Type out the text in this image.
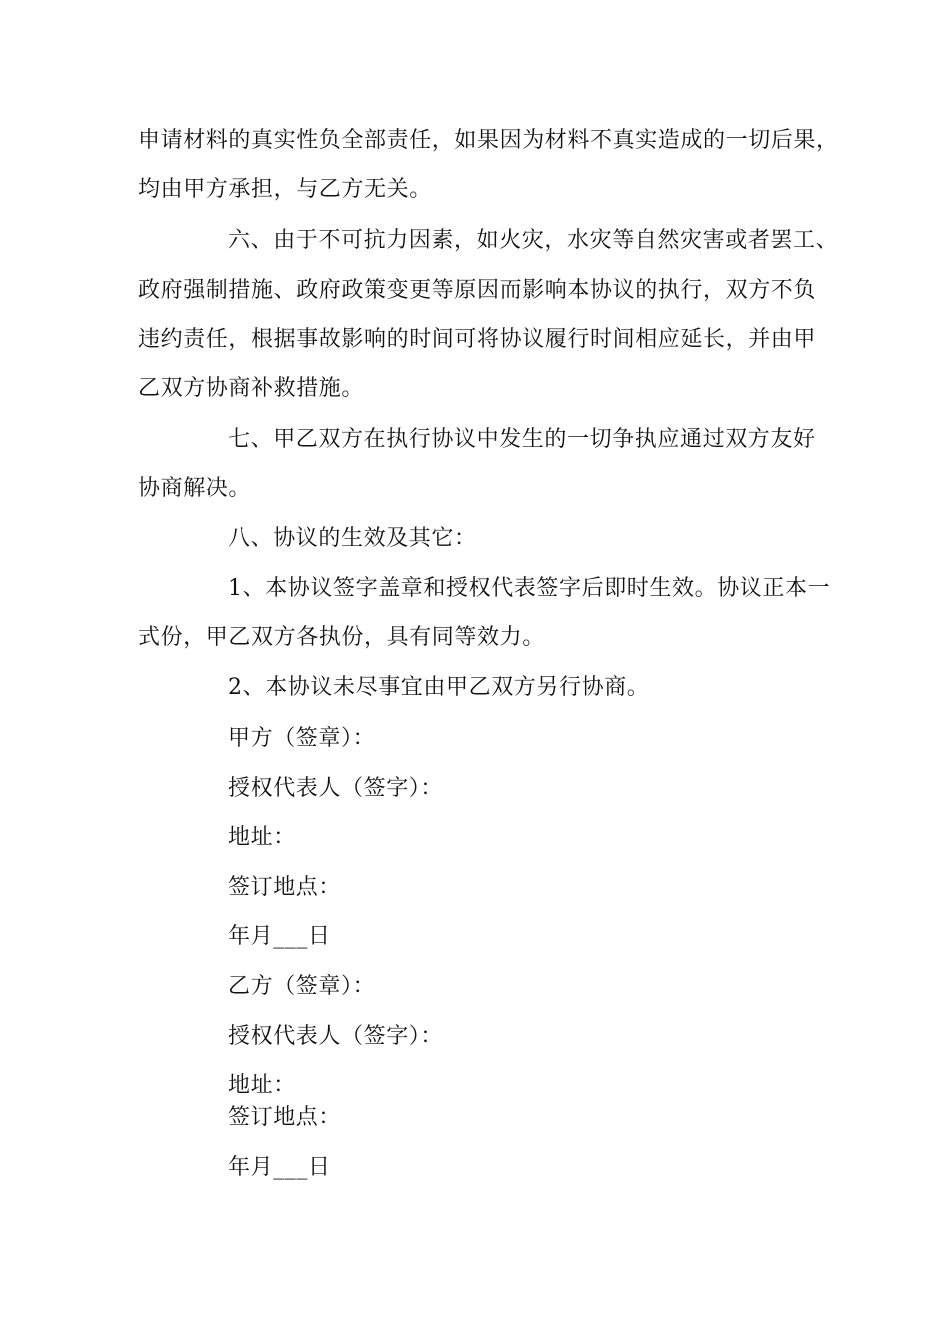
申请材料的真实性负全部责任，如果因为材料不真实造成的一切后果，
均由甲方承担，与乙方无关。
六、由于不可抗力因素，如火灾，水灾等自然灾害或者罢工、
政府强制措施、政府政策变更等原因而影响本协议的执行，双方不负
违约责任，根据事故影响的时间可将协议履行时间相应延长，并由甲
乙双方协商补救措施。
七、甲乙双方在执行协议中发生的一切争执应通过双方友好
协商解决。
八、协议的生效及其它：
1、本协议签字盖章和授权代表签字后即时生效。协议正本一
式份，甲乙双方各执份，具有同等效力。
2、本协议未尽事宜由甲乙双方另行协商。
甲方（签章）：
授权代表人（签字）：
地址：
签订地点：
年月___日
乙方（签章）：
授权代表人（签字）：
地址：
签订地点：
年月___日
